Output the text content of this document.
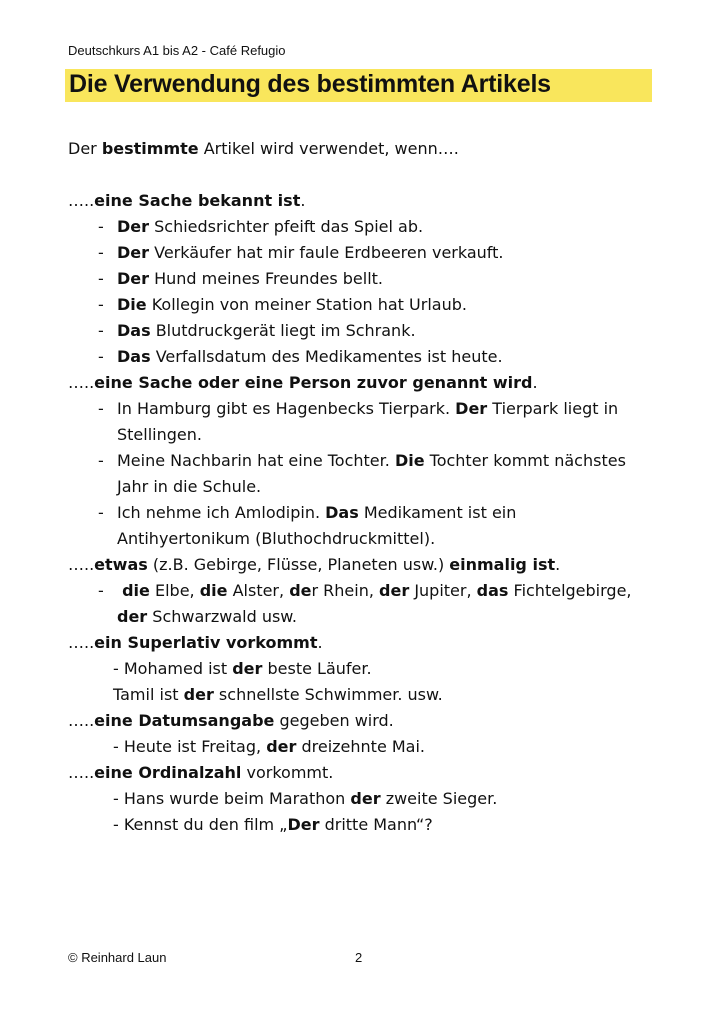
Deutschkurs A1 bis A2 - Café Refugio
Die Verwendung des bestimmten Artikels
Der bestimmte Artikel wird verwendet, wenn….
…..eine Sache bekannt ist.
- Der Schiedsrichter pfeift das Spiel ab.
- Der Verkäufer hat mir faule Erdbeeren verkauft.
- Der Hund meines Freundes bellt.
- Die Kollegin von meiner Station hat Urlaub.
- Das Blutdruckgerät liegt im Schrank.
- Das Verfallsdatum des Medikamentes ist heute.
…..eine Sache oder eine Person zuvor genannt wird.
- In Hamburg gibt es Hagenbecks Tierpark. Der Tierpark liegt in Stellingen.
- Meine Nachbarin hat eine Tochter. Die Tochter kommt nächstes Jahr in die Schule.
- Ich nehme ich Amlodipin. Das Medikament ist ein Antihyertonikum (Bluthochdruckmittel).
…..etwas (z.B. Gebirge, Flüsse, Planeten usw.) einmalig ist.
-	die Elbe, die Alster, der Rhein, der Jupiter, das Fichtelgebirge, der Schwarzwald usw.
…..ein Superlativ vorkommt.
- Mohamed ist der beste Läufer.
Tamil ist der schnellste Schwimmer. usw.
…..eine Datumsangabe gegeben wird.
- Heute ist Freitag, der dreizehnte Mai.
…..eine Ordinalzahl vorkommt.
- Hans wurde beim Marathon der zweite Sieger.
- Kennst du den film „Der dritte Mann“?
© Reinhard Laun	2
